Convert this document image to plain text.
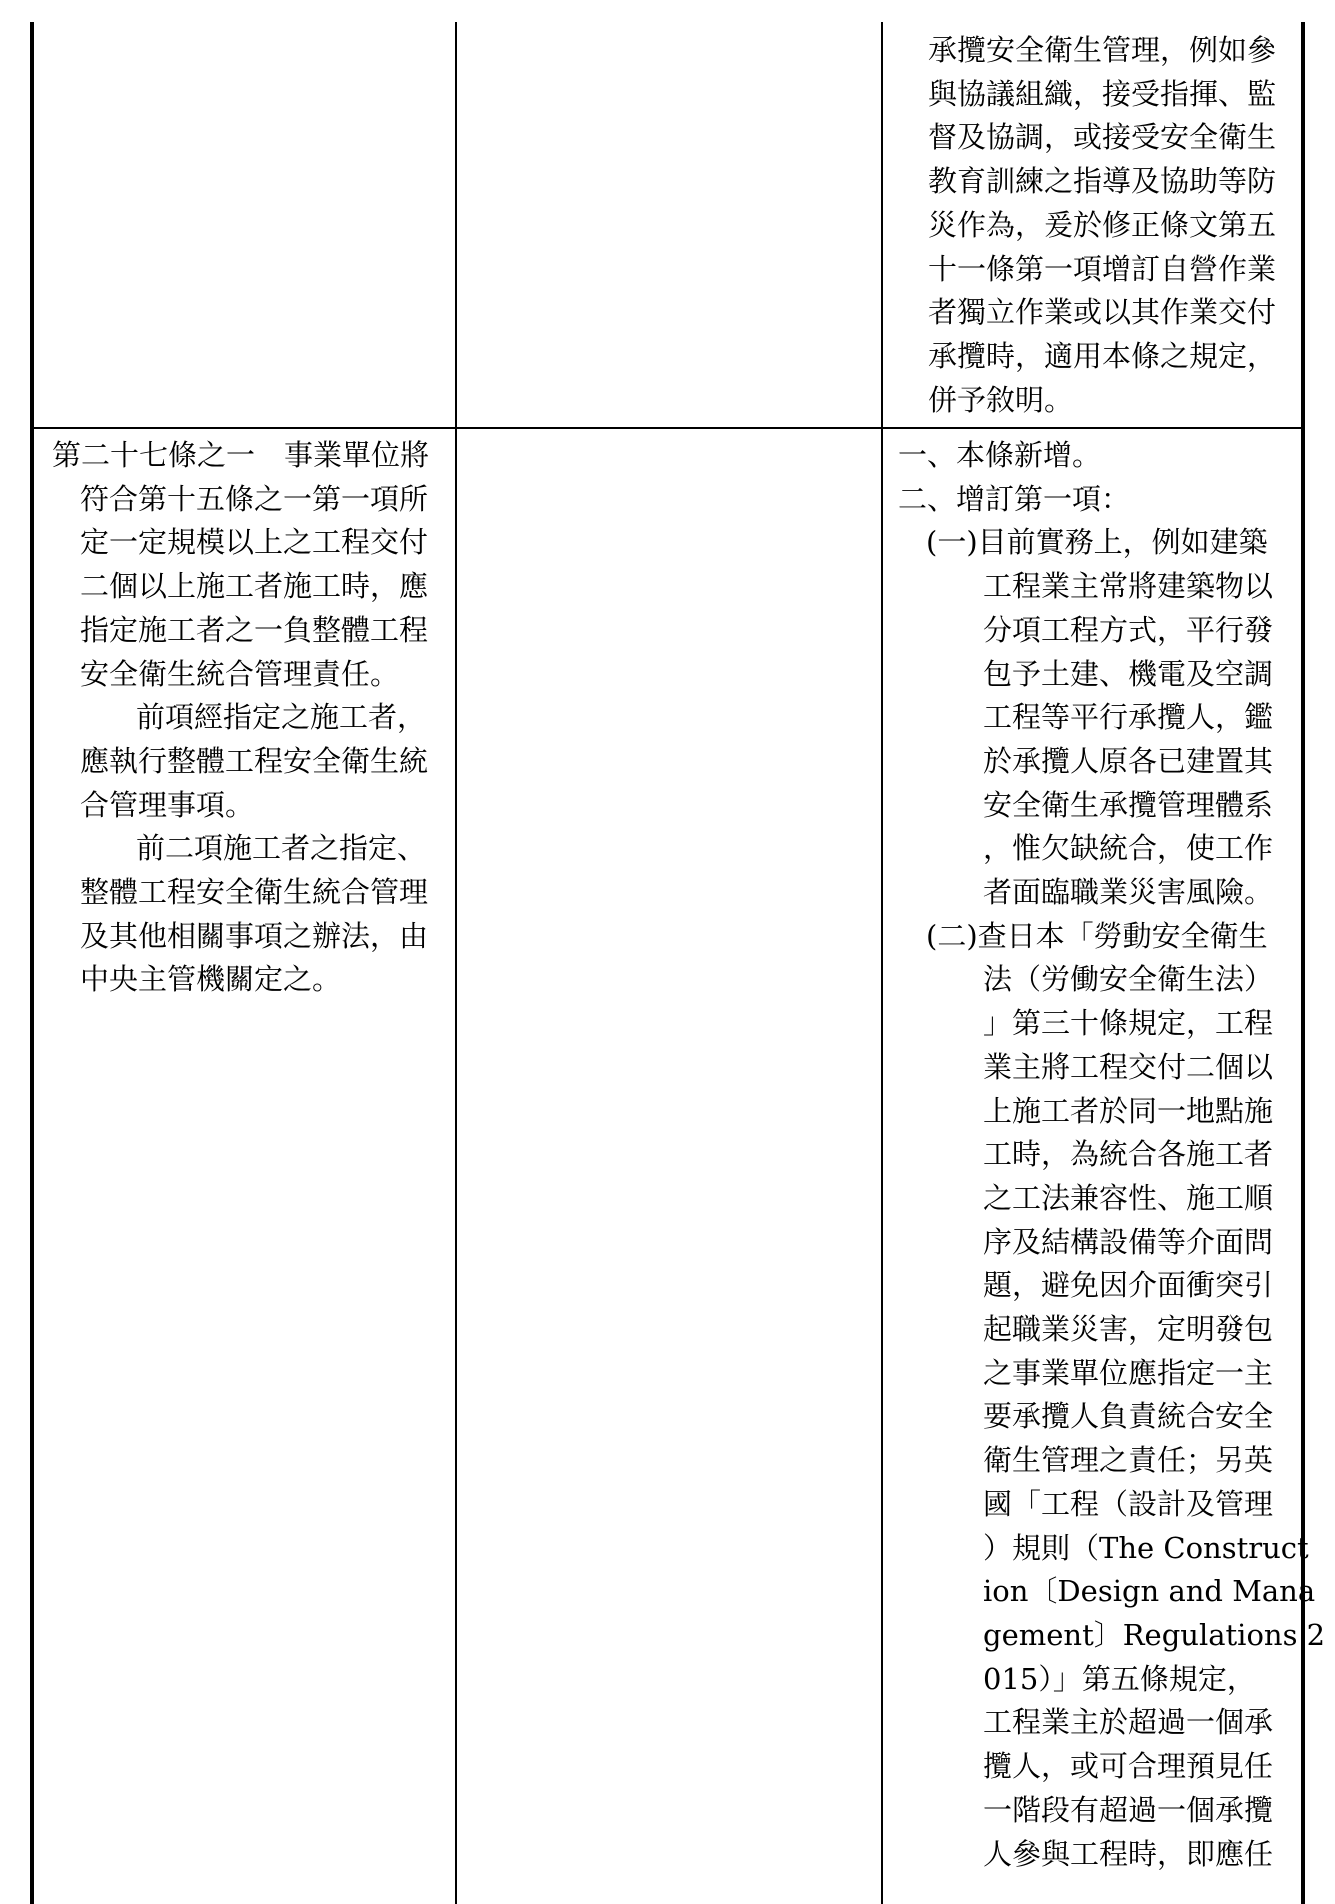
承攬安全衛生管理，例如參
與協議組織，接受指揮、監
督及協調，或接受安全衛生
教育訓練之指導及協助等防
災作為，爰於修正條文第五
十一條第一項增訂自營作業
者獨立作業或以其作業交付
承攬時，適用本條之規定，
併予敘明。
第二十七條之一　事業單位將
符合第十五條之一第一項所
定一定規模以上之工程交付
二個以上施工者施工時，應
指定施工者之一負整體工程
安全衛生統合管理責任。
前項經指定之施工者，
應執行整體工程安全衛生統
合管理事項。
前二項施工者之指定、
整體工程安全衛生統合管理
及其他相關事項之辦法，由
中央主管機關定之。
一、本條新增。
二、增訂第一項：
(一)目前實務上，例如建築
工程業主常將建築物以
分項工程方式，平行發
包予土建、機電及空調
工程等平行承攬人，鑑
於承攬人原各已建置其
安全衛生承攬管理體系
，惟欠缺統合，使工作
者面臨職業災害風險。
(二)查日本「勞動安全衛生
法（労働安全衛生法）
」第三十條規定，工程
業主將工程交付二個以
上施工者於同一地點施
工時，為統合各施工者
之工法兼容性、施工順
序及結構設備等介面問
題，避免因介面衝突引
起職業災害，定明發包
之事業單位應指定一主
要承攬人負責統合安全
衛生管理之責任；另英
國「工程（設計及管理
）規則（The Construct
ion〔Design and Mana
gement〕Regulations 2
015）」第五條規定，
工程業主於超過一個承
攬人，或可合理預見任
一階段有超過一個承攬
人參與工程時，即應任
